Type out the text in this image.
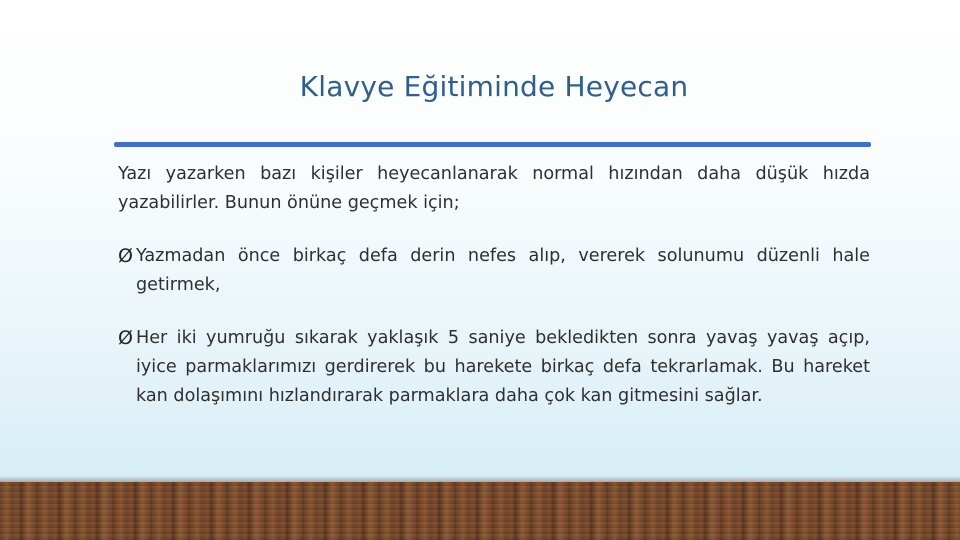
Klavye Eğitiminde Heyecan

Yazı yazarken bazı kişiler heyecanlanarak normal hızından daha düşük hızda yazabilirler. Bunun önüne geçmek için;

Ø Yazmadan önce birkaç defa derin nefes alıp, vererek solunumu düzenli hale getirmek,

Ø Her iki yumruğu sıkarak yaklaşık 5 saniye bekledikten sonra yavaş yavaş açıp, iyice parmaklarımızı gerdirerek bu harekete birkaç defa tekrarlamak. Bu hareket kan dolaşımını hızlandırarak parmaklara daha çok kan gitmesini sağlar.
